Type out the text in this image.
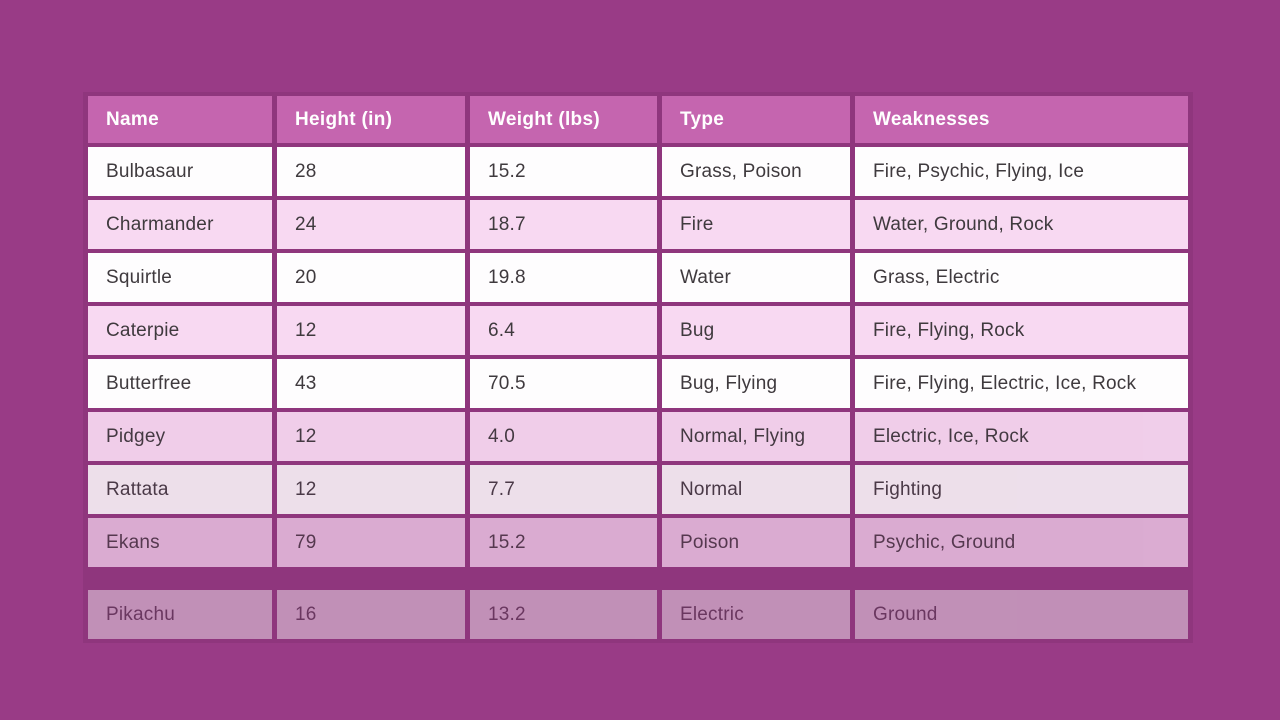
Name	Height (in)	Weight (lbs)	Type	Weaknesses
Bulbasaur	28	15.2	Grass, Poison	Fire, Psychic, Flying, Ice
Charmander	24	18.7	Fire	Water, Ground, Rock
Squirtle	20	19.8	Water	Grass, Electric
Caterpie	12	6.4	Bug	Fire, Flying, Rock
Butterfree	43	70.5	Bug, Flying	Fire, Flying, Electric, Ice, Rock
Pidgey	12	4.0	Normal, Flying	Electric, Ice, Rock
Rattata	12	7.7	Normal	Fighting
Ekans	79	15.2	Poison	Psychic, Ground

Pikachu	16	13.2	Electric	Ground
